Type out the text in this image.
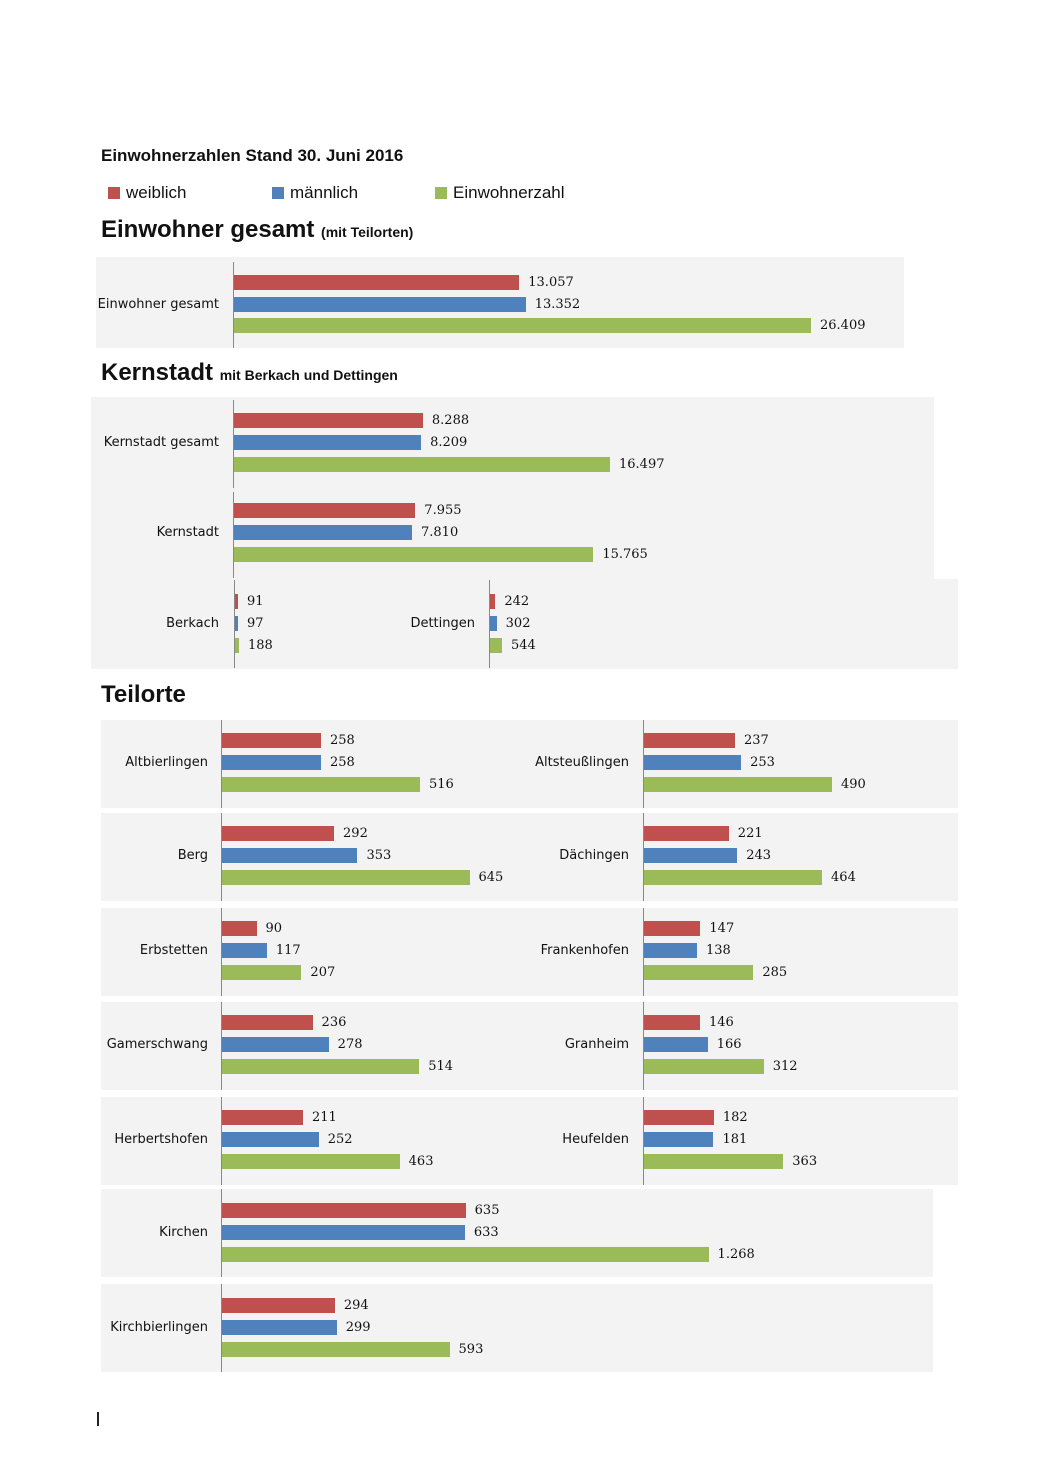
Einwohnerzahlen Stand 30. Juni 2016
weiblich	männlich	Einwohnerzahl
Einwohner gesamt (mit Teilorten)
Kernstadt mit Berkach und Dettingen
Teilorte
Einwohner gesamt
13.057
13.352
26.409
Kernstadt gesamt
8.288
8.209
16.497
Kernstadt
7.955
7.810
15.765
Berkach
91
97
188
Dettingen
242
302
544
Altbierlingen
258
258
516
Altsteußlingen
237
253
490
Berg
292
353
645
Dächingen
221
243
464
Erbstetten
90
117
207
Frankenhofen
147
138
285
Gamerschwang
236
278
514
Granheim
146
166
312
Herbertshofen
211
252
463
Heufelden
182
181
363
Kirchen
635
633
1.268
Kirchbierlingen
294
299
593
